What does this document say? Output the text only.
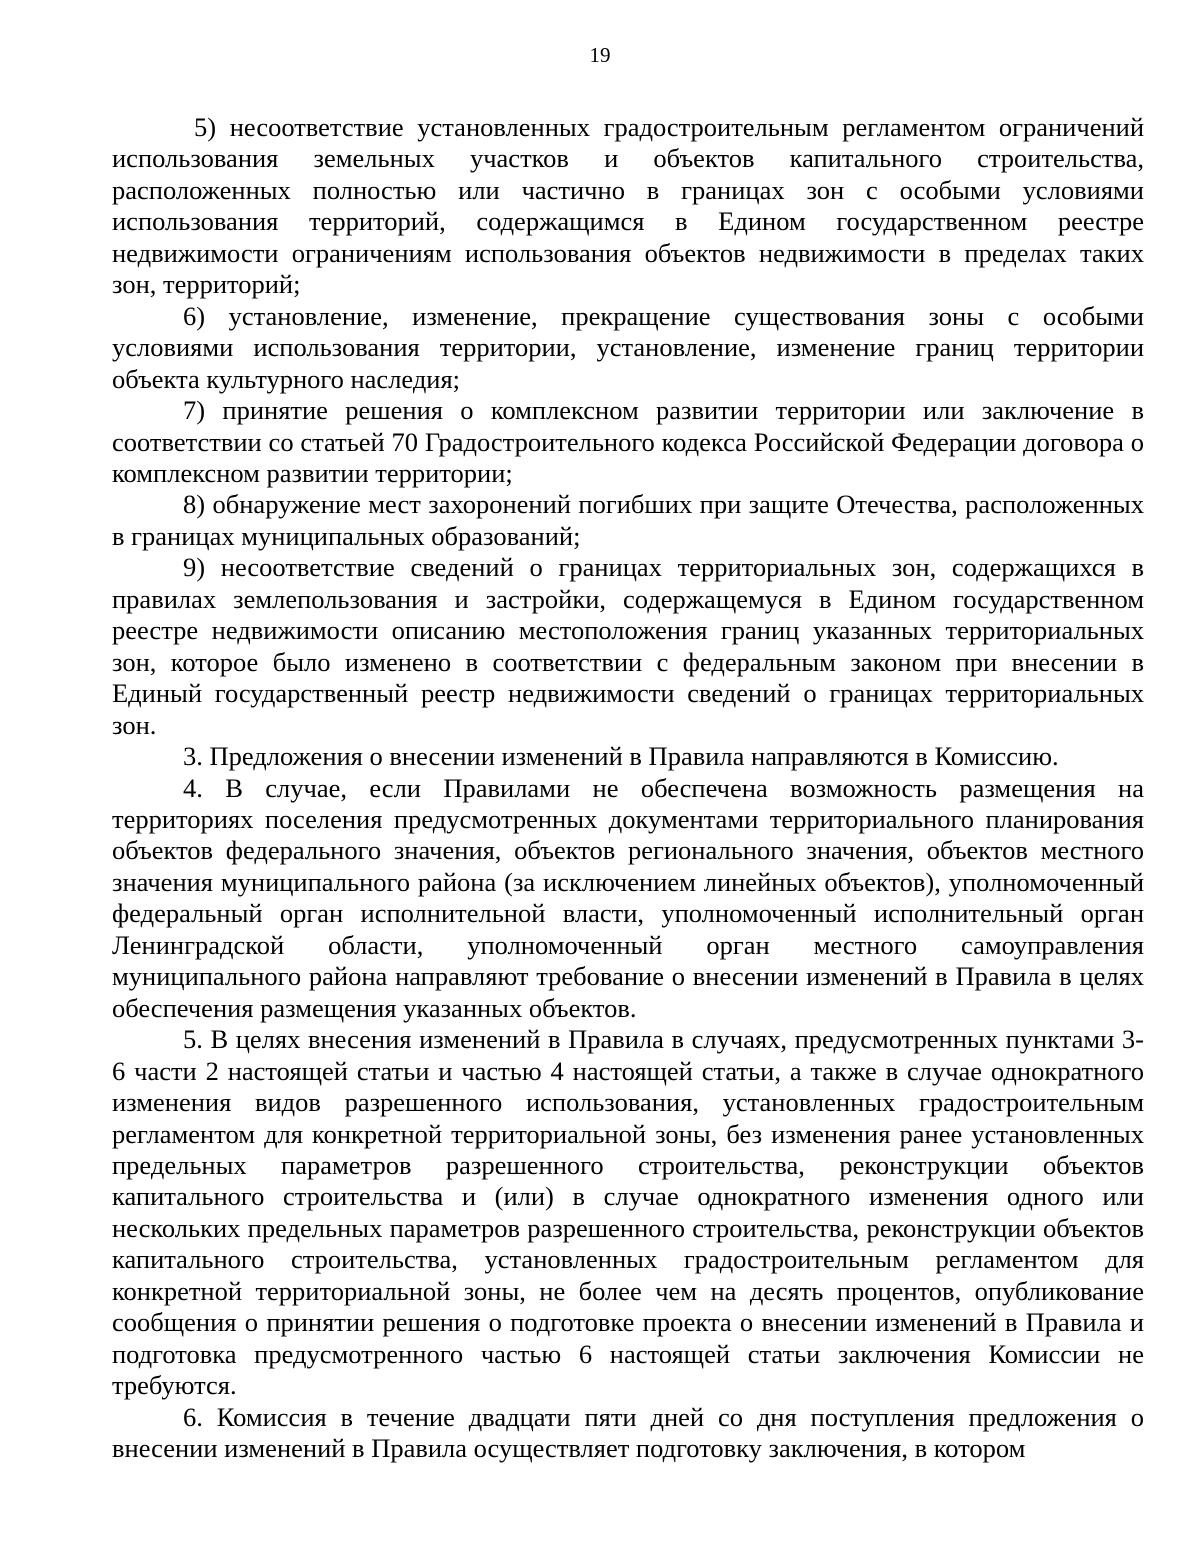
19

5) несоответствие установленных градостроительным регламентом ограничений использования земельных участков и объектов капитального строительства, расположенных полностью или частично в границах зон с особыми условиями использования территорий, содержащимся в Едином государственном реестре недвижимости ограничениям использования объектов недвижимости в пределах таких зон, территорий;

6) установление, изменение, прекращение существования зоны с особыми условиями использования территории, установление, изменение границ территории объекта культурного наследия;

7) принятие решения о комплексном развитии территории или заключение в соответствии со статьей 70 Градостроительного кодекса Российской Федерации договора о комплексном развитии территории;

8) обнаружение мест захоронений погибших при защите Отечества, расположенных в границах муниципальных образований;

9) несоответствие сведений о границах территориальных зон, содержащихся в правилах землепользования и застройки, содержащемуся в Едином государственном реестре недвижимости описанию местоположения границ указанных территориальных зон, которое было изменено в соответствии с федеральным законом при внесении в Единый государственный реестр недвижимости сведений о границах территориальных зон.

3. Предложения о внесении изменений в Правила направляются в Комиссию.

4. В случае, если Правилами не обеспечена возможность размещения на территориях поселения предусмотренных документами территориального планирования объектов федерального значения, объектов регионального значения, объектов местного значения муниципального района (за исключением линейных объектов), уполномоченный федеральный орган исполнительной власти, уполномоченный исполнительный орган Ленинградской области, уполномоченный орган местного самоуправления муниципального района направляют требование о внесении изменений в Правила в целях обеспечения размещения указанных объектов.

5. В целях внесения изменений в Правила в случаях, предусмотренных пунктами 3-6 части 2 настоящей статьи и частью 4 настоящей статьи, а также в случае однократного изменения видов разрешенного использования, установленных градостроительным регламентом для конкретной территориальной зоны, без изменения ранее установленных предельных параметров разрешенного строительства, реконструкции объектов капитального строительства и (или) в случае однократного изменения одного или нескольких предельных параметров разрешенного строительства, реконструкции объектов капитального строительства, установленных градостроительным регламентом для конкретной территориальной зоны, не более чем на десять процентов, опубликование сообщения о принятии решения о подготовке проекта о внесении изменений в Правила и подготовка предусмотренного частью 6 настоящей статьи заключения Комиссии не требуются.

6. Комиссия в течение двадцати пяти дней со дня поступления предложения о внесении изменений в Правила осуществляет подготовку заключения, в котором
